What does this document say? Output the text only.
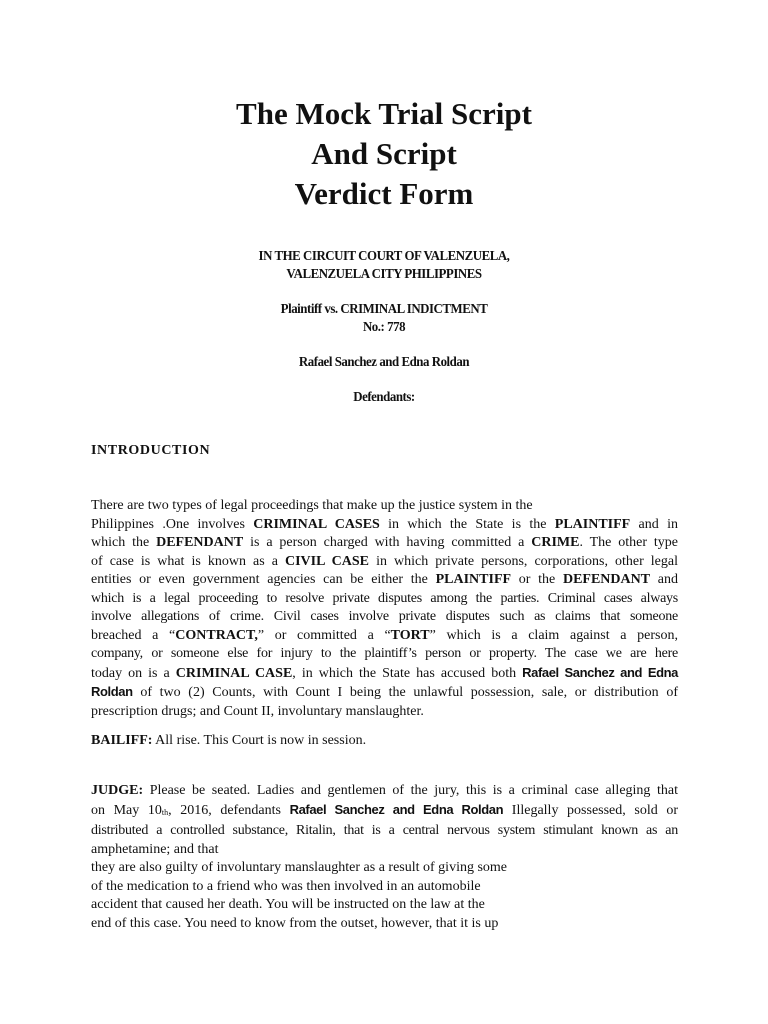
The Mock Trial Script
And Script
Verdict Form
IN THE CIRCUIT COURT OF VALENZUELA,
VALENZUELA CITY PHILIPPINES
Plaintiff vs. CRIMINAL INDICTMENT
No.: 778
Rafael Sanchez and Edna Roldan
Defendants:
INTRODUCTION
There are two types of legal proceedings that make up the justice system in the
Philippines .One involves CRIMINAL CASES in which the State is the PLAINTIFF and in
which the DEFENDANT is a person charged with having committed a CRIME. The other type
of case is what is known as a CIVIL CASE in which private persons, corporations, other legal
entities or even government agencies can be either the PLAINTIFF or the DEFENDANT and
which is a legal proceeding to resolve private disputes among the parties. Criminal cases always
involve allegations of crime. Civil cases involve private disputes such as claims that someone
breached a “CONTRACT,” or committed a “TORT” which is a claim against a person,
company, or someone else for injury to the plaintiff’s person or property. The case we are here
today on is a CRIMINAL CASE, in which the State has accused both Rafael Sanchez and Edna
Roldan of two (2) Counts, with Count I being the unlawful possession, sale, or distribution of
prescription drugs; and Count II, involuntary manslaughter.
BAILIFF: All rise. This Court is now in session.
JUDGE: Please be seated. Ladies and gentlemen of the jury, this is a criminal case alleging that
on May 10th, 2016, defendants Rafael Sanchez and Edna Roldan Illegally possessed, sold or
distributed a controlled substance, Ritalin, that is a central nervous system stimulant known as an
amphetamine; and that
they are also guilty of involuntary manslaughter as a result of giving some
of the medication to a friend who was then involved in an automobile
accident that caused her death. You will be instructed on the law at the
end of this case. You need to know from the outset, however, that it is up
